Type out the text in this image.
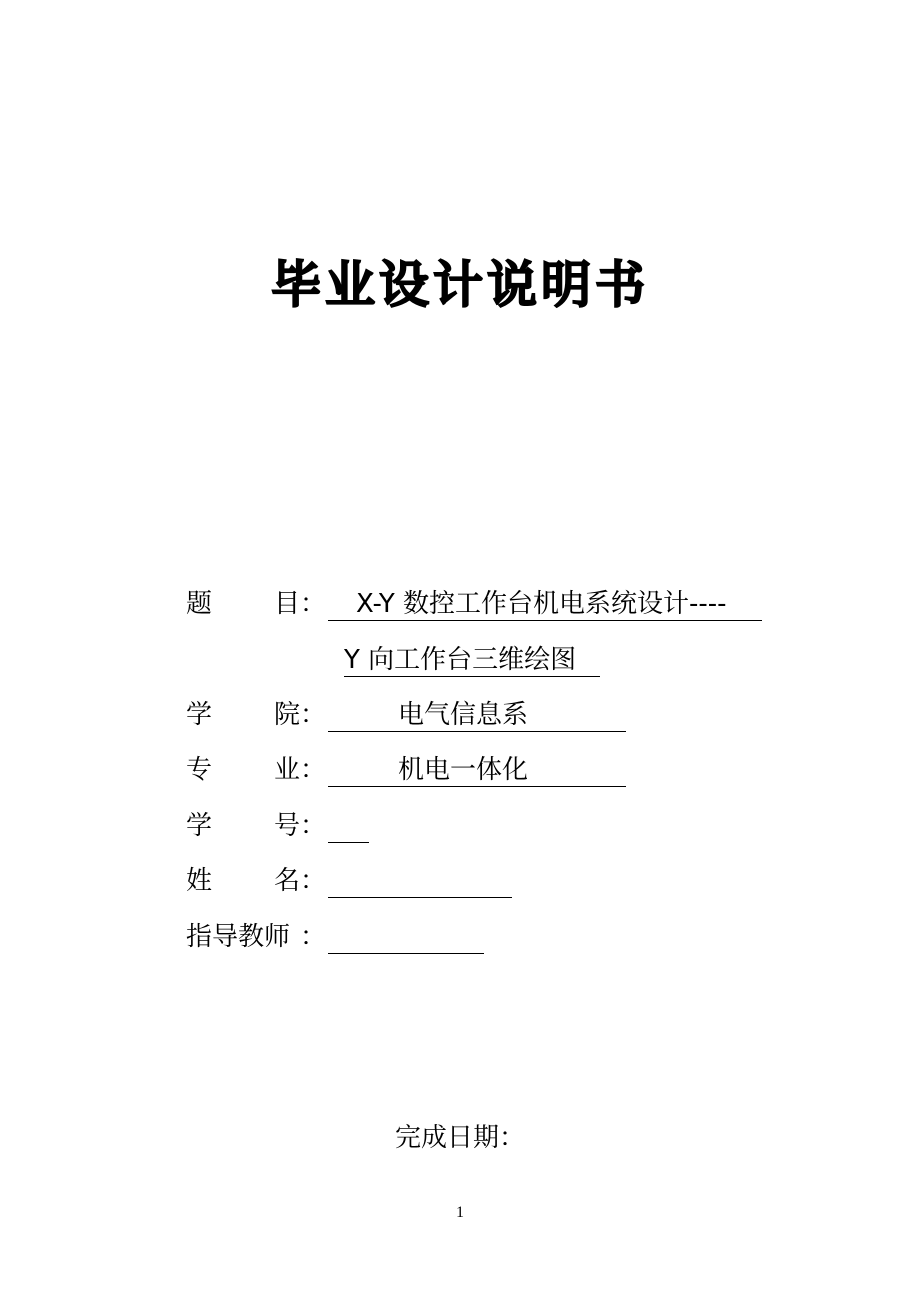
毕业设计说明书
题 目 ： X-Y 数控工作台机电系统设计----
Y 向工作台三维绘图
学 院 ：	电气信息系
专 业 ：	机电一体化
学 号 ：
姓 名 ：
指导教师 ：
完成日期：
1
